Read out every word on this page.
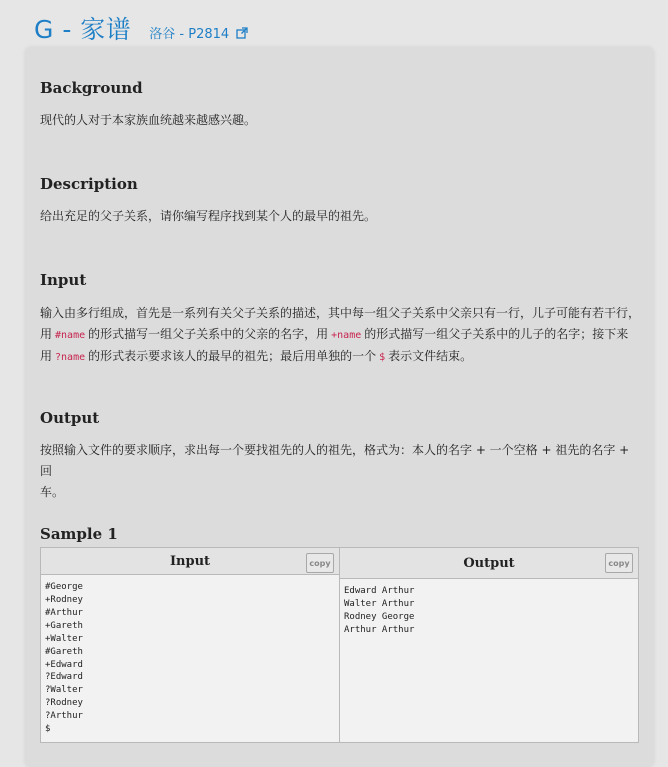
G - 家谱 洛谷 - P2814
Background
现代的人对于本家族血统越来越感兴趣。
Description
给出充足的父子关系，请你编写程序找到某个人的最早的祖先。
Input
输入由多行组成，首先是一系列有关父子关系的描述，其中每一组父子关系中父亲只有一行，儿子可能有若干行，
用 #name 的形式描写一组父子关系中的父亲的名字，用 +name 的形式描写一组父子关系中的儿子的名字；接下来
用 ?name 的形式表示要求该人的最早的祖先；最后用单独的一个 $ 表示文件结束。
Output
按照输入文件的要求顺序，求出每一个要找祖先的人的祖先，格式为：本人的名字 + 一个空格 + 祖先的名字 + 回
车。
Sample 1
Input	copy
#George
+Rodney
#Arthur
+Gareth
+Walter
#Gareth
+Edward
?Edward
?Walter
?Rodney
?Arthur
$
Output	copy
Edward Arthur
Walter Arthur
Rodney George
Arthur Arthur
